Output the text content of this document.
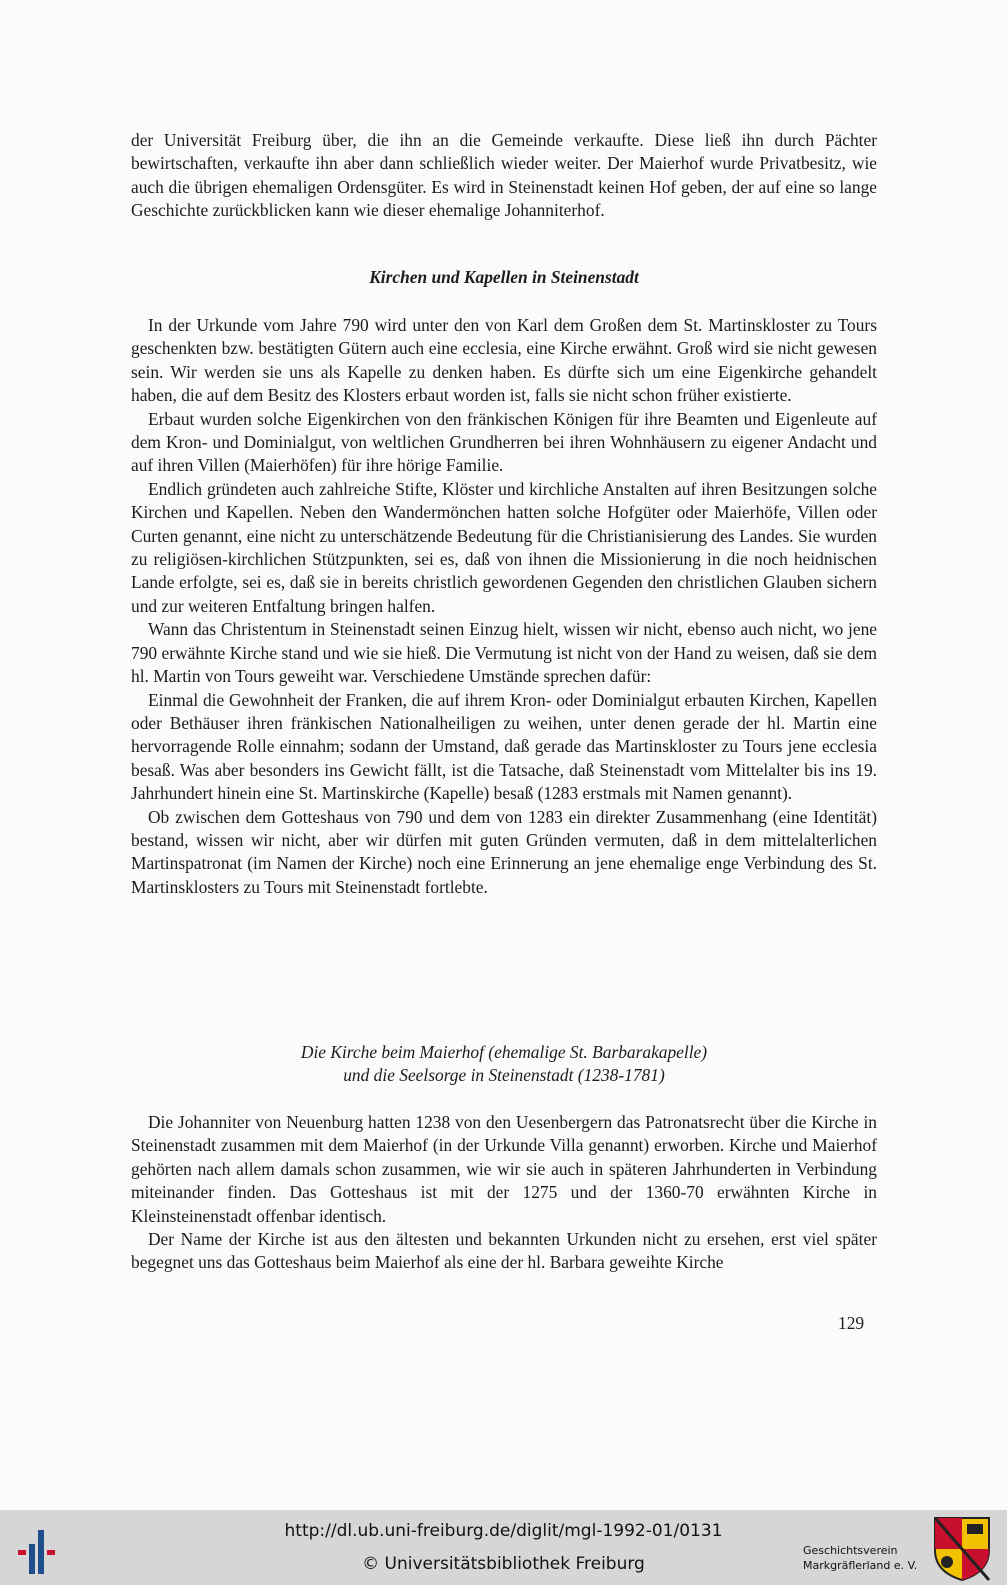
der Universität Freiburg über, die ihn an die Gemeinde verkaufte. Diese ließ ihn durch Pächter bewirtschaften, verkaufte ihn aber dann schließlich wieder weiter. Der Maierhof wurde Privatbesitz, wie auch die übrigen ehemaligen Ordensgüter. Es wird in Steinenstadt keinen Hof geben, der auf eine so lange Geschichte zurückblicken kann wie dieser ehemalige Johanniterhof.

Kirchen und Kapellen in Steinenstadt

In der Urkunde vom Jahre 790 wird unter den von Karl dem Großen dem St. Martinskloster zu Tours geschenkten bzw. bestätigten Gütern auch eine ecclesia, eine Kirche erwähnt. Groß wird sie nicht gewesen sein. Wir werden sie uns als Kapelle zu denken haben. Es dürfte sich um eine Eigenkirche gehandelt haben, die auf dem Besitz des Klosters erbaut worden ist, falls sie nicht schon früher existierte.

Erbaut wurden solche Eigenkirchen von den fränkischen Königen für ihre Beamten und Eigenleute auf dem Kron- und Dominialgut, von weltlichen Grundherren bei ihren Wohnhäusern zu eigener Andacht und auf ihren Villen (Maierhöfen) für ihre hörige Familie.

Endlich gründeten auch zahlreiche Stifte, Klöster und kirchliche Anstalten auf ihren Besitzungen solche Kirchen und Kapellen. Neben den Wandermönchen hatten solche Hofgüter oder Maierhöfe, Villen oder Curten genannt, eine nicht zu unterschätzende Bedeutung für die Christianisierung des Landes. Sie wurden zu religiösen-kirchlichen Stützpunkten, sei es, daß von ihnen die Missionierung in die noch heidnischen Lande erfolgte, sei es, daß sie in bereits christlich gewordenen Gegenden den christlichen Glauben sichern und zur weiteren Entfaltung bringen halfen.

Wann das Christentum in Steinenstadt seinen Einzug hielt, wissen wir nicht, ebenso auch nicht, wo jene 790 erwähnte Kirche stand und wie sie hieß. Die Vermutung ist nicht von der Hand zu weisen, daß sie dem hl. Martin von Tours geweiht war. Verschiedene Umstände sprechen dafür:

Einmal die Gewohnheit der Franken, die auf ihrem Kron- oder Dominialgut erbauten Kirchen, Kapellen oder Bethäuser ihren fränkischen Nationalheiligen zu weihen, unter denen gerade der hl. Martin eine hervorragende Rolle einnahm; sodann der Umstand, daß gerade das Martinskloster zu Tours jene ecclesia besaß. Was aber besonders ins Gewicht fällt, ist die Tatsache, daß Steinenstadt vom Mittelalter bis ins 19. Jahrhundert hinein eine St. Martinskirche (Kapelle) besaß (1283 erstmals mit Namen genannt).

Ob zwischen dem Gotteshaus von 790 und dem von 1283 ein direkter Zusammenhang (eine Identität) bestand, wissen wir nicht, aber wir dürfen mit guten Gründen vermuten, daß in dem mittelalterlichen Martinspatronat (im Namen der Kirche) noch eine Erinnerung an jene ehemalige enge Verbindung des St. Martinsklosters zu Tours mit Steinenstadt fortlebte.

Die Kirche beim Maierhof (ehemalige St. Barbarakapelle)
und die Seelsorge in Steinenstadt (1238-1781)

Die Johanniter von Neuenburg hatten 1238 von den Uesenbergern das Patronatsrecht über die Kirche in Steinenstadt zusammen mit dem Maierhof (in der Urkunde Villa genannt) erworben. Kirche und Maierhof gehörten nach allem damals schon zusammen, wie wir sie auch in späteren Jahrhunderten in Verbindung miteinander finden. Das Gotteshaus ist mit der 1275 und der 1360-70 erwähnten Kirche in Kleinsteinenstadt offenbar identisch.

Der Name der Kirche ist aus den ältesten und bekannten Urkunden nicht zu ersehen, erst viel später begegnet uns das Gotteshaus beim Maierhof als eine der hl. Barbara geweihte Kirche

129
http://dl.ub.uni-freiburg.de/diglit/mgl-1992-01/0131
© Universitätsbibliothek Freiburg
Geschichtsverein
Markgräflerland e. V.
